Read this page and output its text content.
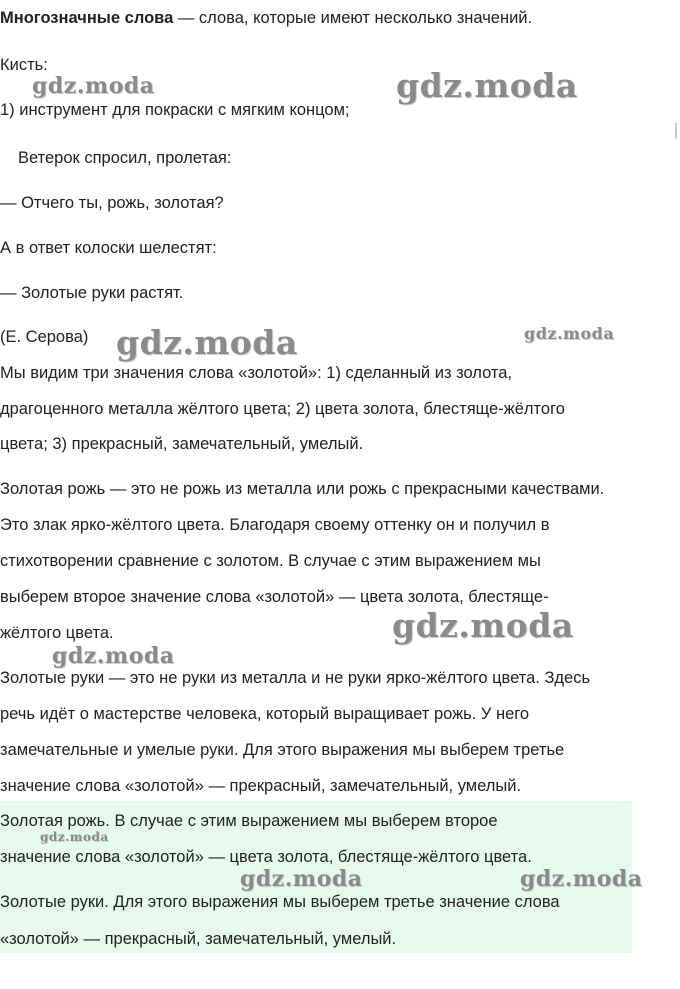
Многозначные слова — слова, которые имеют несколько значений.
Кисть:
1) инструмент для покраски с мягким концом;
Ветерок спросил, пролетая:
— Отчего ты, рожь, золотая?
А в ответ колоски шелестят:
— Золотые руки растят.
(Е. Серова)
Мы видим три значения слова «золотой»: 1) сделанный из золота,
драгоценного металла жёлтого цвета; 2) цвета золота, блестяще-жёлтого
цвета; 3) прекрасный, замечательный, умелый.
Золотая рожь — это не рожь из металла или рожь с прекрасными качествами.
Это злак ярко-жёлтого цвета. Благодаря своему оттенку он и получил в
стихотворении сравнение с золотом. В случае с этим выражением мы
выберем второе значение слова «золотой» — цвета золота, блестяще-
жёлтого цвета.
Золотые руки — это не руки из металла и не руки ярко-жёлтого цвета. Здесь
речь идёт о мастерстве человека, который выращивает рожь. У него
замечательные и умелые руки. Для этого выражения мы выберем третье
значение слова «золотой» — прекрасный, замечательный, умелый.
Золотая рожь. В случае с этим выражением мы выберем второе
значение слова «золотой» — цвета золота, блестяще-жёлтого цвета.
Золотые руки. Для этого выражения мы выберем третье значение слова
«золотой» — прекрасный, замечательный, умелый.
gdz.moda	gdz.moda
gdz.moda	gdz.moda
gdz.moda
gdz.moda
gdz.moda
gdz.moda	gdz.moda
